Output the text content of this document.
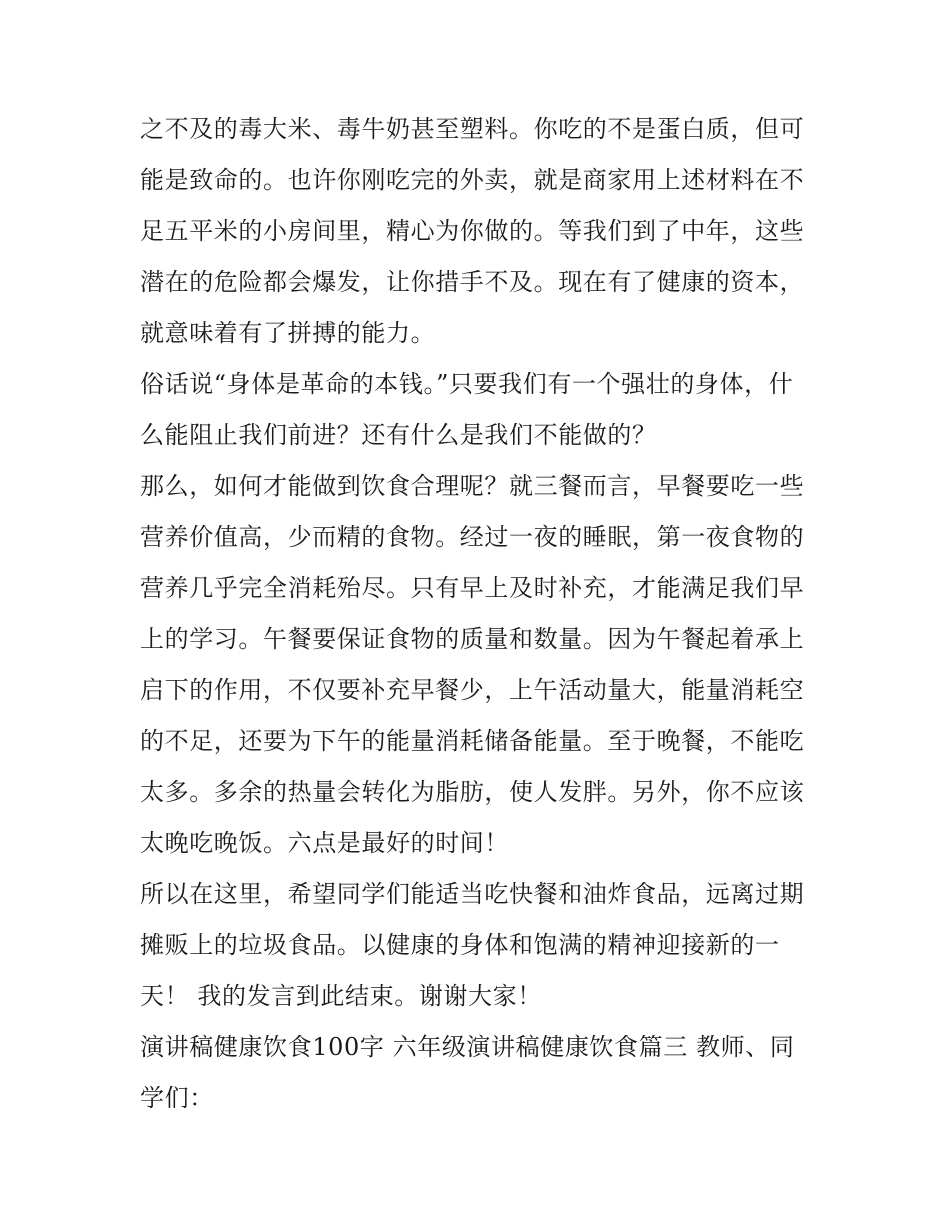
之不及的毒大米、毒牛奶甚至塑料。你吃的不是蛋白质，但可
能是致命的。也许你刚吃完的外卖，就是商家用上述材料在不
足五平米的小房间里，精心为你做的。等我们到了中年，这些
潜在的危险都会爆发，让你措手不及。现在有了健康的资本，
就意味着有了拼搏的能力。

俗话说“身体是革命的本钱。”只要我们有一个强壮的身体，什
么能阻止我们前进？还有什么是我们不能做的？

那么，如何才能做到饮食合理呢？就三餐而言，早餐要吃一些
营养价值高，少而精的食物。经过一夜的睡眠，第一夜食物的
营养几乎完全消耗殆尽。只有早上及时补充，才能满足我们早
上的学习。午餐要保证食物的质量和数量。因为午餐起着承上
启下的作用，不仅要补充早餐少，上午活动量大，能量消耗空
的不足，还要为下午的能量消耗储备能量。至于晚餐，不能吃
太多。多余的热量会转化为脂肪，使人发胖。另外，你不应该
太晚吃晚饭。六点是最好的时间！

所以在这里，希望同学们能适当吃快餐和油炸食品，远离过期
摊贩上的垃圾食品。以健康的身体和饱满的精神迎接新的一
天！ 我的发言到此结束。谢谢大家！

演讲稿健康饮食100字 六年级演讲稿健康饮食篇三 教师、同
学们：
